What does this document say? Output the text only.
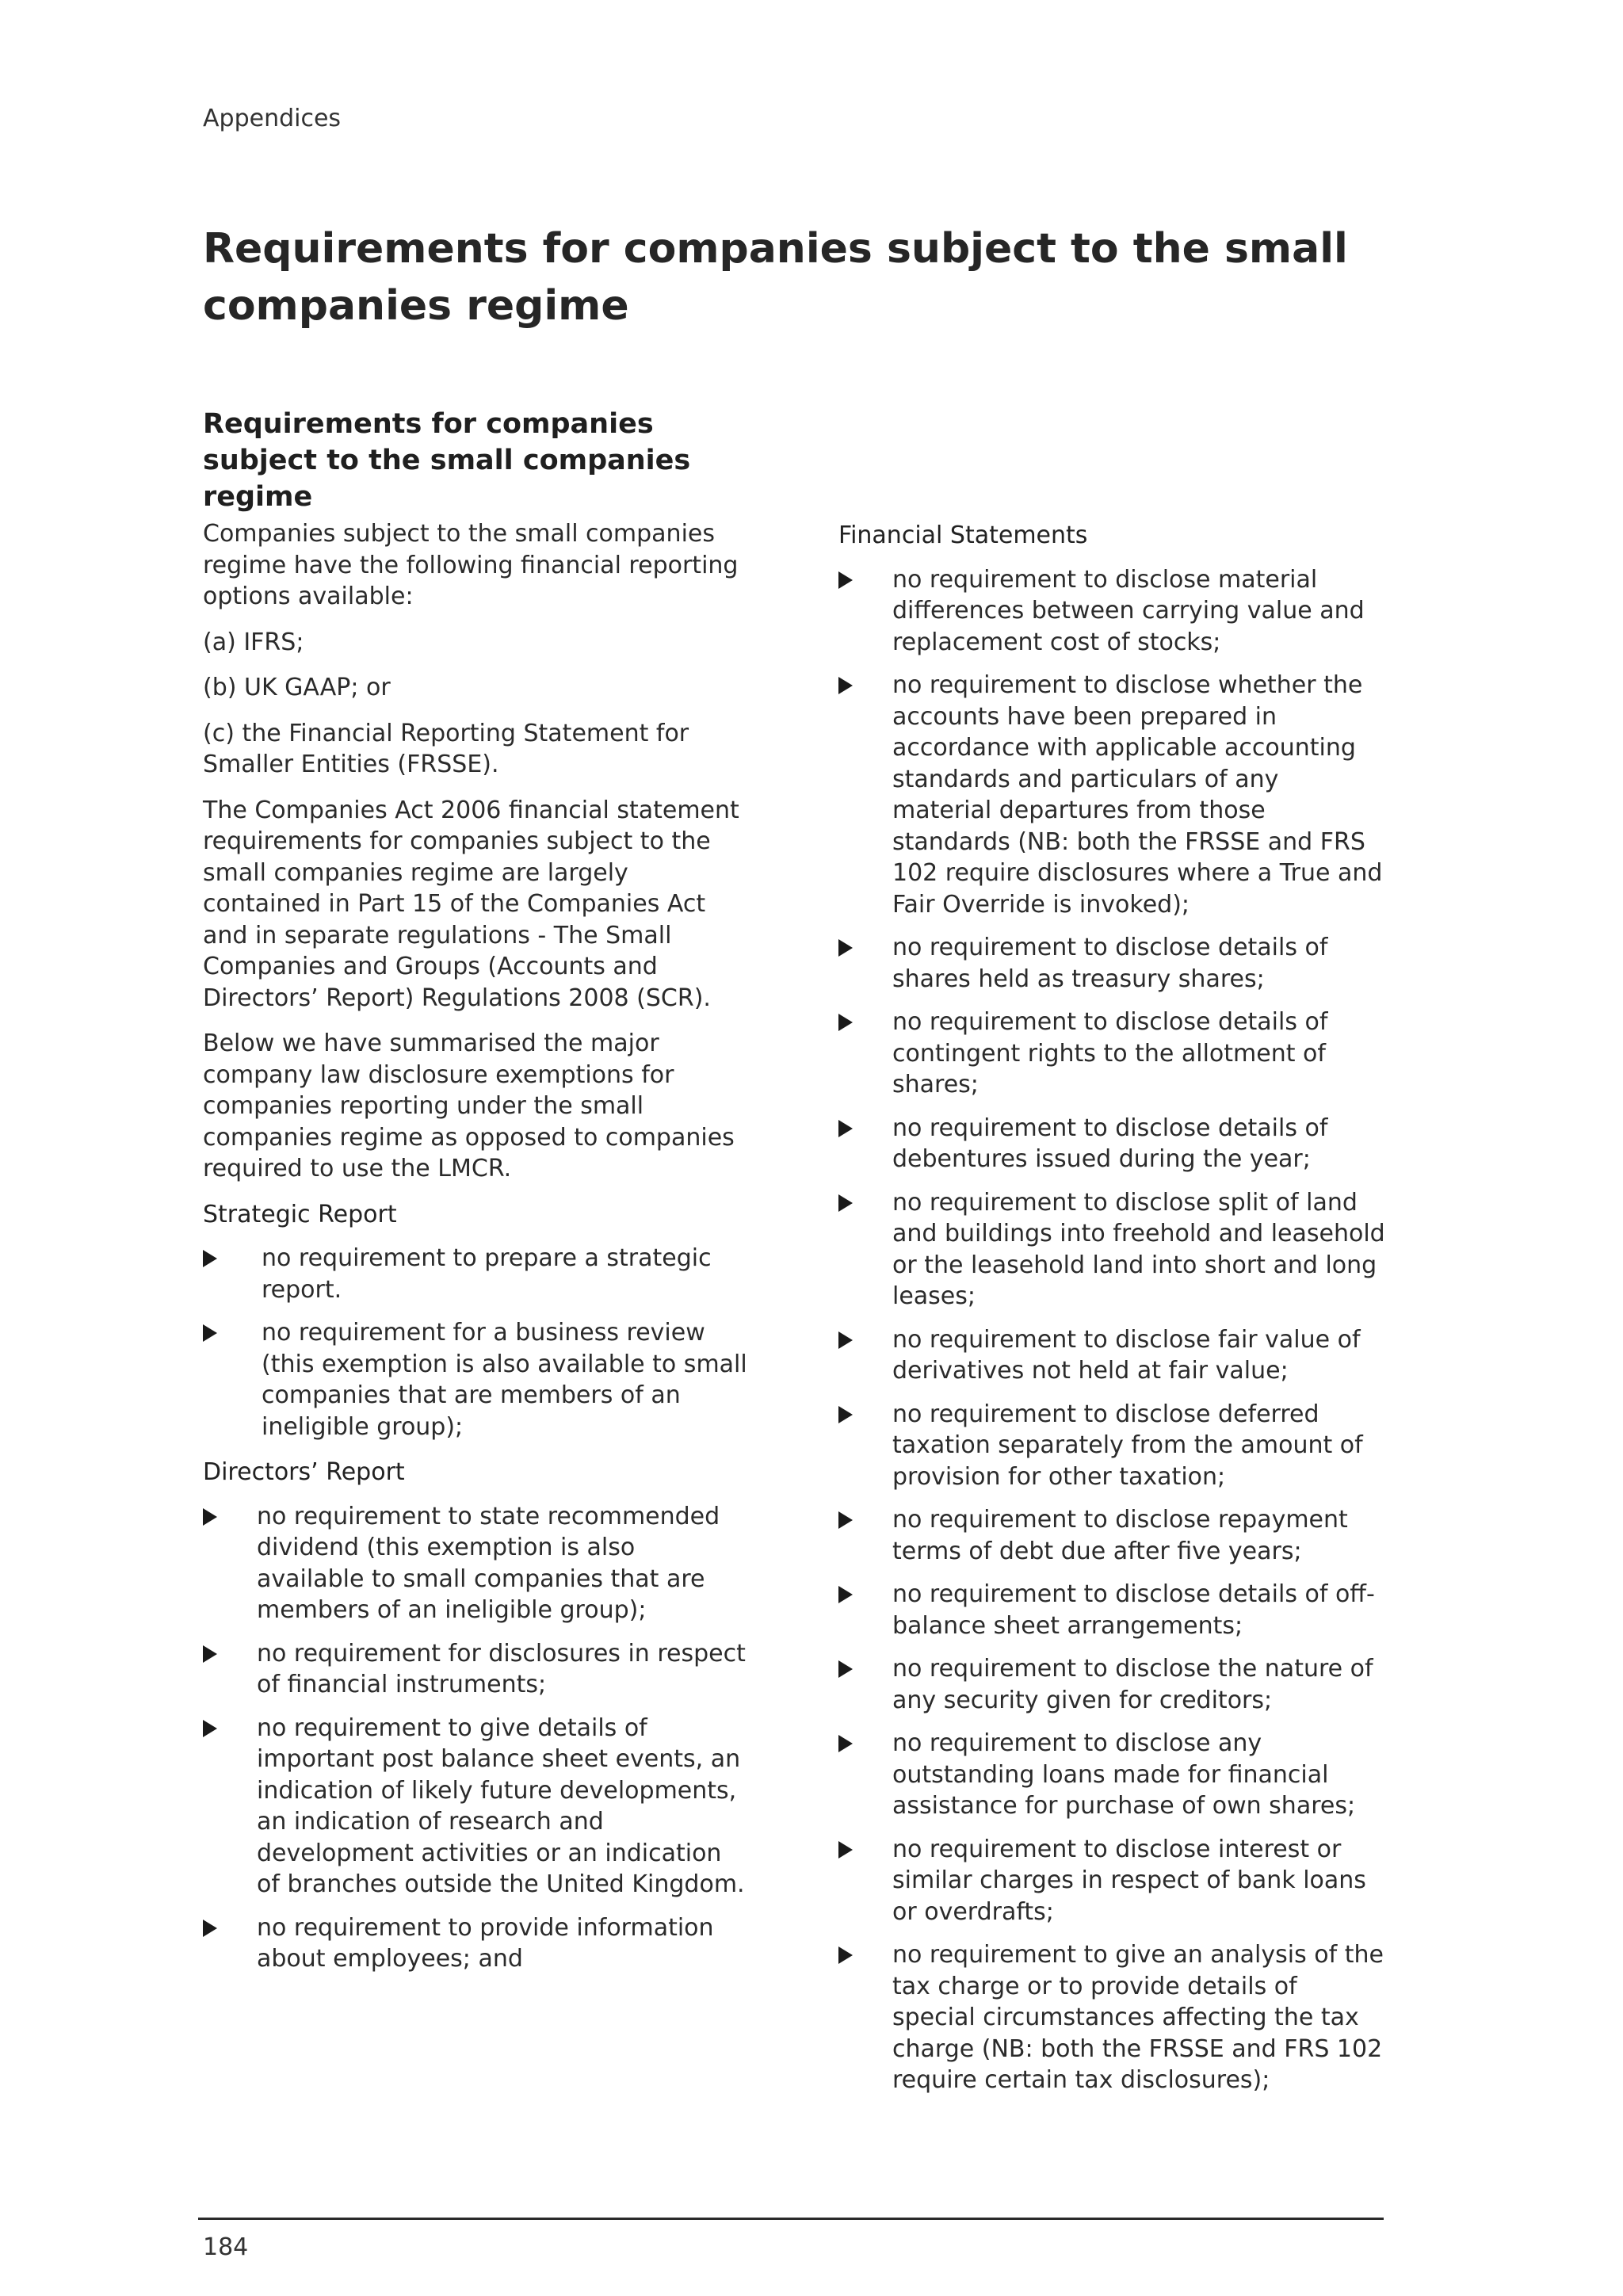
Appendices
Requirements for companies subject to the small companies regime
Requirements for companies subject to the small companies regime

Companies subject to the small companies regime have the following financial reporting options available:

(a) IFRS;

(b) UK GAAP; or

(c) the Financial Reporting Statement for Smaller Entities (FRSSE).

The Companies Act 2006 financial statement requirements for companies subject to the small companies regime are largely contained in Part 15 of the Companies Act and in separate regulations - The Small Companies and Groups (Accounts and Directors’ Report) Regulations 2008 (SCR).

Below we have summarised the major company law disclosure exemptions for companies reporting under the small companies regime as opposed to companies required to use the LMCR.

Strategic Report
no requirement to prepare a strategic report.
no requirement for a business review (this exemption is also available to small companies that are members of an ineligible group);
Directors’ Report
no requirement to state recommended dividend (this exemption is also available to small companies that are members of an ineligible group);
no requirement for disclosures in respect of financial instruments;
no requirement to give details of important post balance sheet events, an indication of likely future developments, an indication of research and development activities or an indication of branches outside the United Kingdom.
no requirement to provide information about employees; and
Financial Statements
no requirement to disclose material differences between carrying value and replacement cost of stocks;
no requirement to disclose whether the accounts have been prepared in accordance with applicable accounting standards and particulars of any material departures from those standards (NB: both the FRSSE and FRS 102 require disclosures where a True and Fair Override is invoked);
no requirement to disclose details of shares held as treasury shares;
no requirement to disclose details of contingent rights to the allotment of shares;
no requirement to disclose details of debentures issued during the year;
no requirement to disclose split of land and buildings into freehold and leasehold or the leasehold land into short and long leases;
no requirement to disclose fair value of derivatives not held at fair value;
no requirement to disclose deferred taxation separately from the amount of provision for other taxation;
no requirement to disclose repayment terms of debt due after five years;
no requirement to disclose details of off-balance sheet arrangements;
no requirement to disclose the nature of any security given for creditors;
no requirement to disclose any outstanding loans made for financial assistance for purchase of own shares;
no requirement to disclose interest or similar charges in respect of bank loans or overdrafts;
no requirement to give an analysis of the tax charge or to provide details of special circumstances affecting the tax charge (NB: both the FRSSE and FRS 102 require certain tax disclosures);
184
